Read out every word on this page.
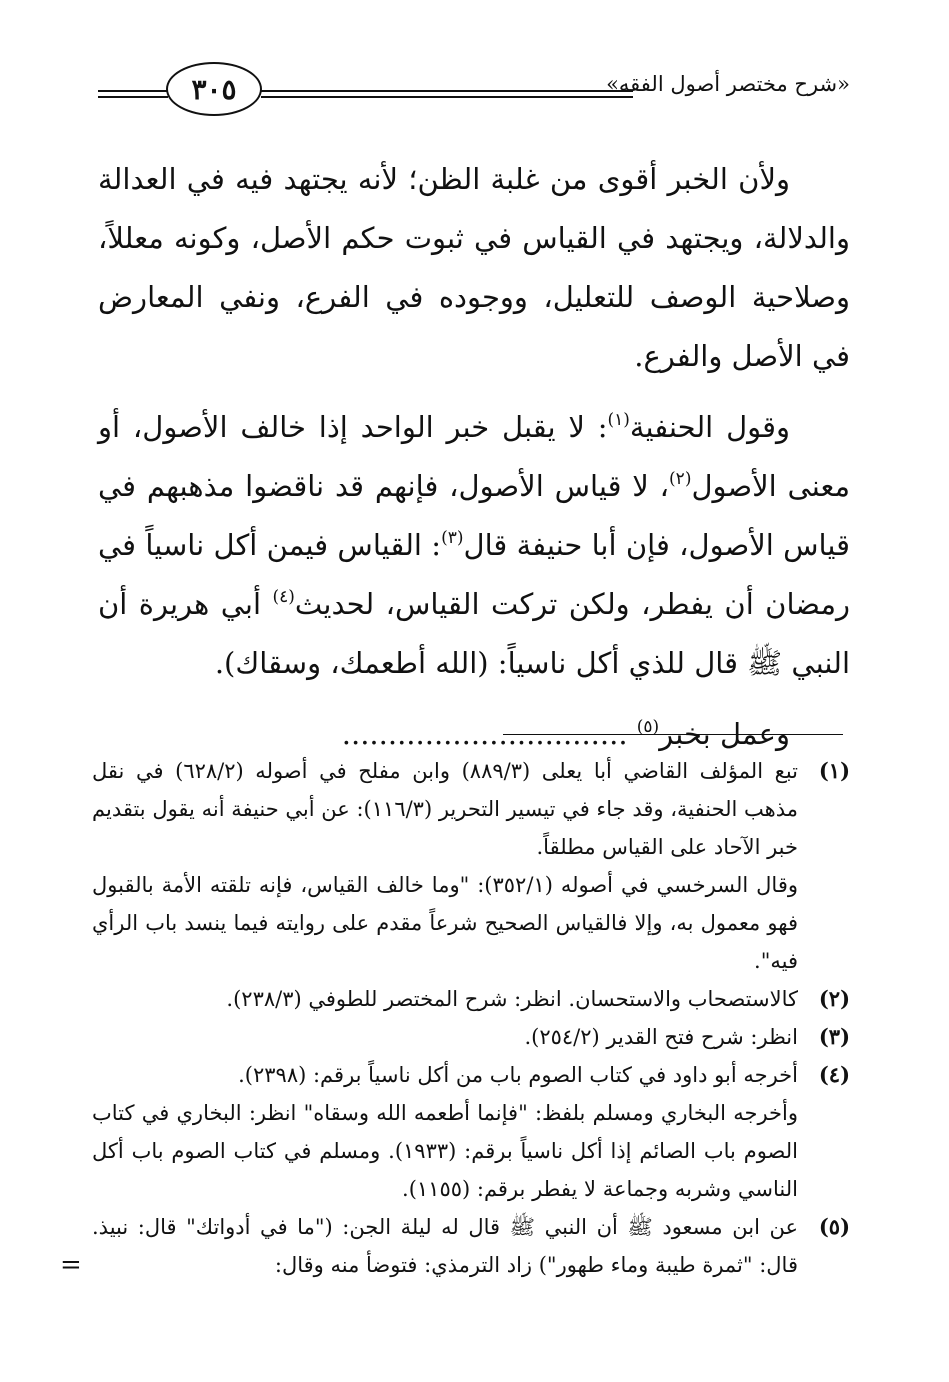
٣٠٥	«شرح مختصر أصول الفقه»

ولأن الخبر أقوى من غلبة الظن؛ لأنه يجتهد فيه في العدالة والدلالة، ويجتهد في القياس في ثبوت حكم الأصل، وكونه معللاً، وصلاحية الوصف للتعليل، ووجوده في الفرع، ونفي المعارض في الأصل والفرع.

وقول الحنفية$^{(١)}$: لا يقبل خبر الواحد إذا خالف الأصول، أو معنى الأصول$^{(٢)}$، لا قياس الأصول، فإنهم قد ناقضوا مذهبهم في قياس الأصول، فإن أبا حنيفة قال$^{(٣)}$: القياس فيمن أكل ناسياً في رمضان أن يفطر، ولكن تركت القياس، لحديث$^{(٤)}$ أبي هريرة أن النبي ﷺ قال للذي أكل ناسياً: (الله أطعمك، وسقاك).

وعمل بخبر$^{(٥)}$ ...............................

(١)
تبع المؤلف القاضي أبا يعلى (٨٨٩/٣) وابن مفلح في أصوله (٦٢٨/٢) في نقل مذهب الحنفية، وقد جاء في تيسير التحرير (١١٦/٣): عن أبي حنيفة أنه يقول بتقديم خبر الآحاد على القياس مطلقاً.
وقال السرخسي في أصوله (٣٥٢/١): "وما خالف القياس، فإنه تلقته الأمة بالقبول فهو معمول به، وإلا فالقياس الصحيح شرعاً مقدم على روايته فيما ينسد باب الرأي فيه".
(٢)
كالاستصحاب والاستحسان. انظر: شرح المختصر للطوفي (٢٣٨/٣).
(٣)
انظر: شرح فتح القدير (٢٥٤/٢).
(٤)
أخرجه أبو داود في كتاب الصوم باب من أكل ناسياً برقم: (٢٣٩٨).
وأخرجه البخاري ومسلم بلفظ: "فإنما أطعمه الله وسقاه" انظر: البخاري في كتاب الصوم باب الصائم إذا أكل ناسياً برقم: (١٩٣٣). ومسلم في كتاب الصوم باب أكل الناسي وشربه وجماعة لا يفطر برقم: (١١٥٥).
(٥)
عن ابن مسعود ﷺ أن النبي ﷺ قال له ليلة الجن: ("ما في أدواتك" قال: نبيذ. قال: "ثمرة طيبة وماء طهور") زاد الترمذي: فتوضأ منه وقال:
=
